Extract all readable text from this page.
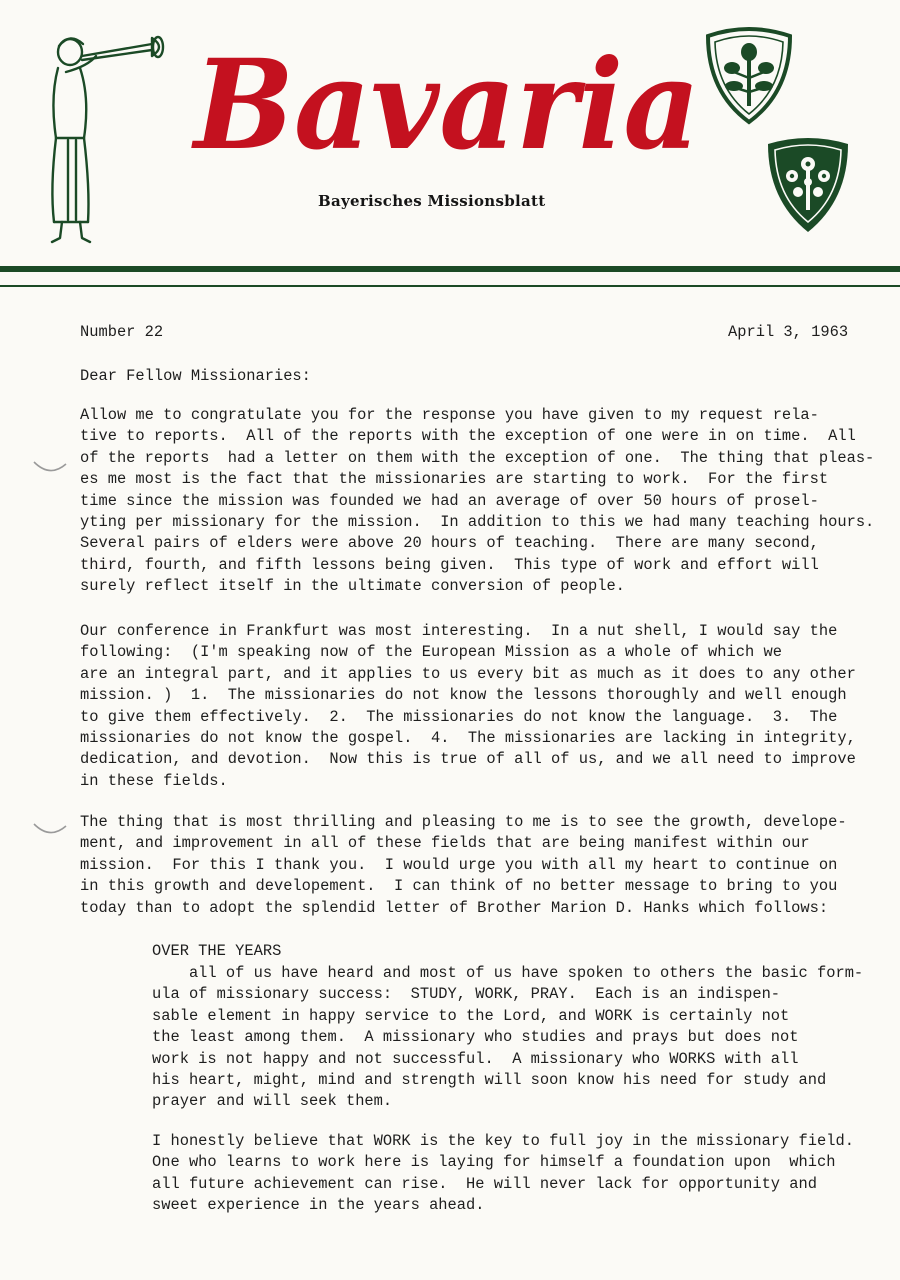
Bavaria
Bayerisches Missionsblatt
Number 22	April 3, 1963
Dear Fellow Missionaries:
Allow me to congratulate you for the response you have given to my request rela-
tive to reports.  All of the reports with the exception of one were in on time.  All
of the reports  had a letter on them with the exception of one.  The thing that pleas-
es me most is the fact that the missionaries are starting to work.  For the first
time since the mission was founded we had an average of over 50 hours of prosel-
yting per missionary for the mission.  In addition to this we had many teaching hours.
Several pairs of elders were above 20 hours of teaching.  There are many second,
third, fourth, and fifth lessons being given.  This type of work and effort will
surely reflect itself in the ultimate conversion of people.
Our conference in Frankfurt was most interesting.  In a nut shell, I would say the
following:  (I'm speaking now of the European Mission as a whole of which we
are an integral part, and it applies to us every bit as much as it does to any other
mission. )  1.  The missionaries do not know the lessons thoroughly and well enough
to give them effectively.  2.  The missionaries do not know the language.  3.  The
missionaries do not know the gospel.  4.  The missionaries are lacking in integrity,
dedication, and devotion.  Now this is true of all of us, and we all need to improve
in these fields.
The thing that is most thrilling and pleasing to me is to see the growth, develope-
ment, and improvement in all of these fields that are being manifest within our
mission.  For this I thank you.  I would urge you with all my heart to continue on
in this growth and developement.  I can think of no better message to bring to you
today than to adopt the splendid letter of Brother Marion D. Hanks which follows:
OVER THE YEARS
all of us have heard and most of us have spoken to others the basic form-
ula of missionary success:  STUDY, WORK, PRAY.  Each is an indispen-
sable element in happy service to the Lord, and WORK is certainly not
the least among them.  A missionary who studies and prays but does not
work is not happy and not successful.  A missionary who WORKS with all
his heart, might, mind and strength will soon know his need for study and
prayer and will seek them.
I honestly believe that WORK is the key to full joy in the missionary field.
One who learns to work here is laying for himself a foundation upon  which
all future achievement can rise.  He will never lack for opportunity and
sweet experience in the years ahead.
